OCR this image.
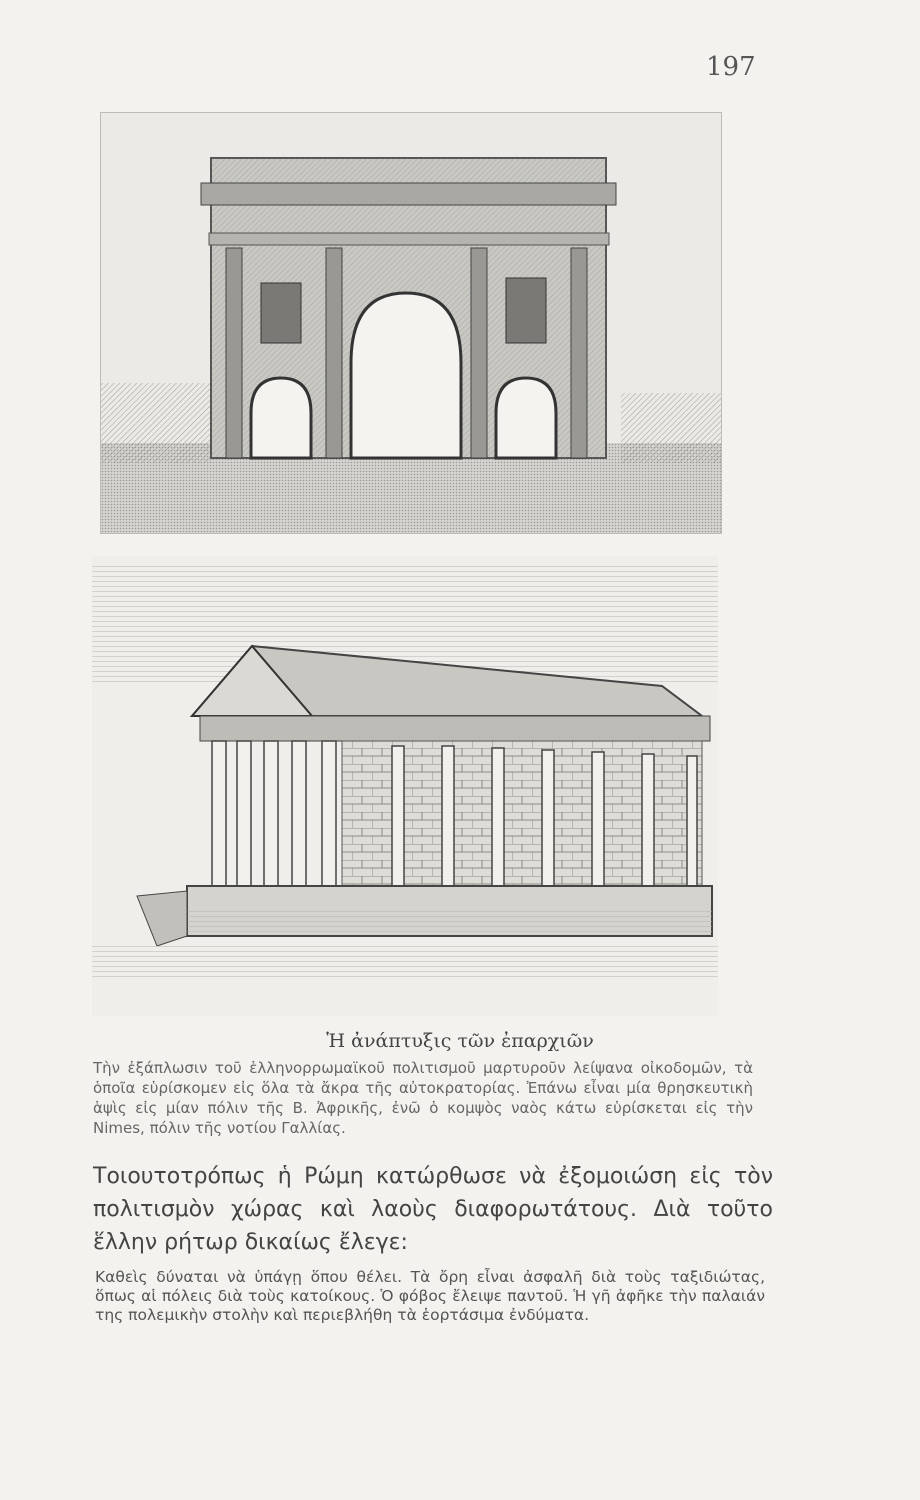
197
Ἡ ἀνάπτυξις τῶν ἐπαρχιῶν
Τὴν ἐξάπλωσιν τοῦ ἑλληνορρωμαϊκοῦ πολιτισμοῦ μαρτυροῦν λείψανα οἰκοδομῶν, τὰ ὁποῖα εὑρίσκομεν εἰς ὅλα τὰ ἄκρα τῆς αὐτοκρατορίας. Ἐπάνω εἶναι μία θρησκευτικὴ ἁψὶς εἰς μίαν πόλιν τῆς Β. Ἀφρικῆς, ἐνῶ ὁ κομψὸς ναὸς κάτω εὑρίσκεται εἰς τὴν Nimes, πόλιν τῆς νοτίου Γαλλίας.
Τοιουτοτρόπως ἡ Ρώμη κατώρθωσε νὰ ἐξομοιώση εἰς τὸν πολιτισμὸν χώρας καὶ λαοὺς διαφορωτάτους. Διὰ τοῦτο ἕλλην ρήτωρ δικαίως ἔλεγε:
Καθεὶς δύναται νὰ ὑπάγῃ ὅπου θέλει. Τὰ ὄρη εἶναι ἀσφαλῆ διὰ τοὺς ταξιδιώτας, ὅπως αἱ πόλεις διὰ τοὺς κατοίκους. Ὁ φόβος ἔλειψε παντοῦ. Ἡ γῆ ἀφῆκε τὴν παλαιάν της πολεμικὴν στολὴν καὶ περιεβλήθη τὰ ἑορτάσιμα ἐνδύματα.
